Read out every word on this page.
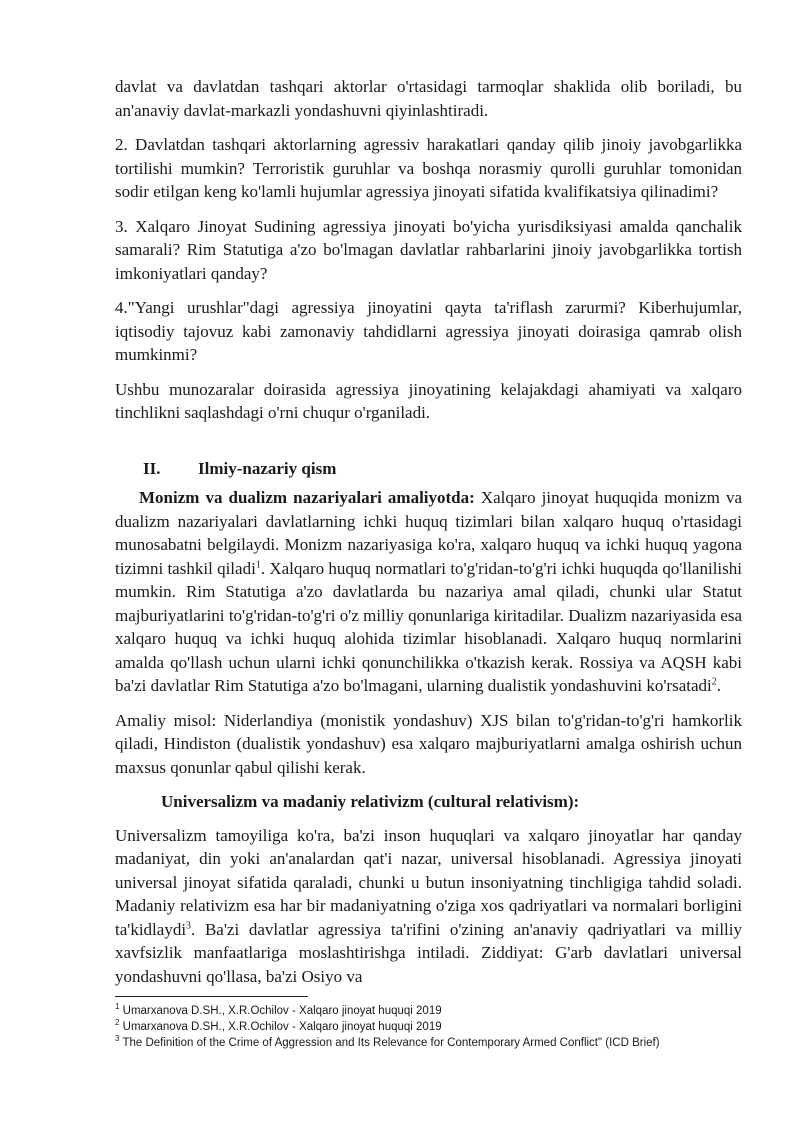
davlat va davlatdan tashqari aktorlar o'rtasidagi tarmoqlar shaklida olib boriladi, bu an'anaviy davlat-markazli yondashuvni qiyinlashtiradi.

2. Davlatdan tashqari aktorlarning agressiv harakatlari qanday qilib jinoiy javobgarlikka tortilishi mumkin? Terroristik guruhlar va boshqa norasmiy qurolli guruhlar tomonidan sodir etilgan keng ko'lamli hujumlar agressiya jinoyati sifatida kvalifikatsiya qilinadimi?

3. Xalqaro Jinoyat Sudining agressiya jinoyati bo'yicha yurisdiksiyasi amalda qanchalik samarali? Rim Statutiga a'zo bo'lmagan davlatlar rahbarlarini jinoiy javobgarlikka tortish imkoniyatlari qanday?

4."Yangi urushlar"dagi agressiya jinoyatini qayta ta'riflash zarurmi? Kiberhujumlar, iqtisodiy tajovuz kabi zamonaviy tahdidlarni agressiya jinoyati doirasiga qamrab olish mumkinmi?

Ushbu munozaralar doirasida agressiya jinoyatining kelajakdagi ahamiyati va xalqaro tinchlikni saqlashdagi o'rni chuqur o'rganiladi.

II.	Ilmiy-nazariy qism

Monizm va dualizm nazariyalari amaliyotda: Xalqaro jinoyat huquqida monizm va dualizm nazariyalari davlatlarning ichki huquq tizimlari bilan xalqaro huquq o'rtasidagi munosabatni belgilaydi. Monizm nazariyasiga ko'ra, xalqaro huquq va ichki huquq yagona tizimni tashkil qiladi$^1$. Xalqaro huquq normatlari to'g'ridan-to'g'ri ichki huquqda qo'llanilishi mumkin. Rim Statutiga a'zo davlatlarda bu nazariya amal qiladi, chunki ular Statut majburiyatlarini to'g'ridan-to'g'ri o'z milliy qonunlariga kiritadilar. Dualizm nazariyasida esa xalqaro huquq va ichki huquq alohida tizimlar hisoblanadi. Xalqaro huquq normlarini amalda qo'llash uchun ularni ichki qonunchilikka o'tkazish kerak. Rossiya va AQSH kabi ba'zi davlatlar Rim Statutiga a'zo bo'lmagani, ularning dualistik yondashuvini ko'rsatadi$^2$.

Amaliy misol: Niderlandiya (monistik yondashuv) XJS bilan to'g'ridan-to'g'ri hamkorlik qiladi, Hindiston (dualistik yondashuv) esa xalqaro majburiyatlarni amalga oshirish uchun maxsus qonunlar qabul qilishi kerak.

Universalizm va madaniy relativizm (cultural relativism):

Universalizm tamoyiliga ko'ra, ba'zi inson huquqlari va xalqaro jinoyatlar har qanday madaniyat, din yoki an'analardan qat'i nazar, universal hisoblanadi. Agressiya jinoyati universal jinoyat sifatida qaraladi, chunki u butun insoniyatning tinchligiga tahdid soladi. Madaniy relativizm esa har bir madaniyatning o'ziga xos qadriyatlari va normalari borligini ta'kidlaydi$^3$. Ba'zi davlatlar agressiya ta'rifini o'zining an'anaviy qadriyatlari va milliy xavfsizlik manfaatlariga moslashtirishga intiladi. Ziddiyat: G'arb davlatlari universal yondashuvni qo'llasa, ba'zi Osiyo va

$^1$ Umarxanova D.SH., X.R.Ochilov - Xalqaro jinoyat huquqi 2019

$^2$ Umarxanova D.SH., X.R.Ochilov - Xalqaro jinoyat huquqi 2019

$^3$ The Definition of the Crime of Aggression and Its Relevance for Contemporary Armed Conflict" (ICD Brief)
